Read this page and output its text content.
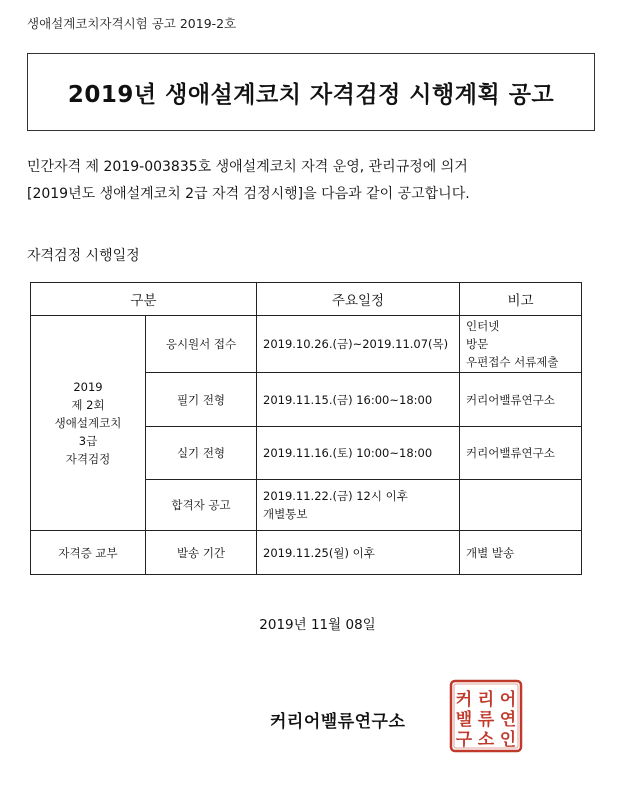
생애설계코치자격시험 공고 2019-2호
2019년 생애설계코치 자격검정 시행계획 공고

민간자격 제 2019-003835호 생애설계코치 자격 운영, 관리규정에 의거

[2019년도 생애설계코치 2급 자격 검정시행]을 다음과 같이 공고합니다.

자격검정 시행일정
구분		주요일정	비고

2019
제 2회
생애설계코치
3급
자격검정	응시원서 접수	2019.10.26.(금)~2019.11.07(목)	인터넷
방문
우편접수 서류제출

	필기 전형	2019.11.15.(금) 16:00~18:00	커리어밸류연구소
	실기 전형	2019.11.16.(토) 10:00~18:00	커리어밸류연구소
	합격자 공고	2019.11.22.(금) 12시 이후
개별통보	

자격증 교부	발송 기간	2019.11.25(월) 이후	개별 발송
2019년 11월 08일
커리어밸류연구소
커 리 어
밸 류 연
구 소 인
